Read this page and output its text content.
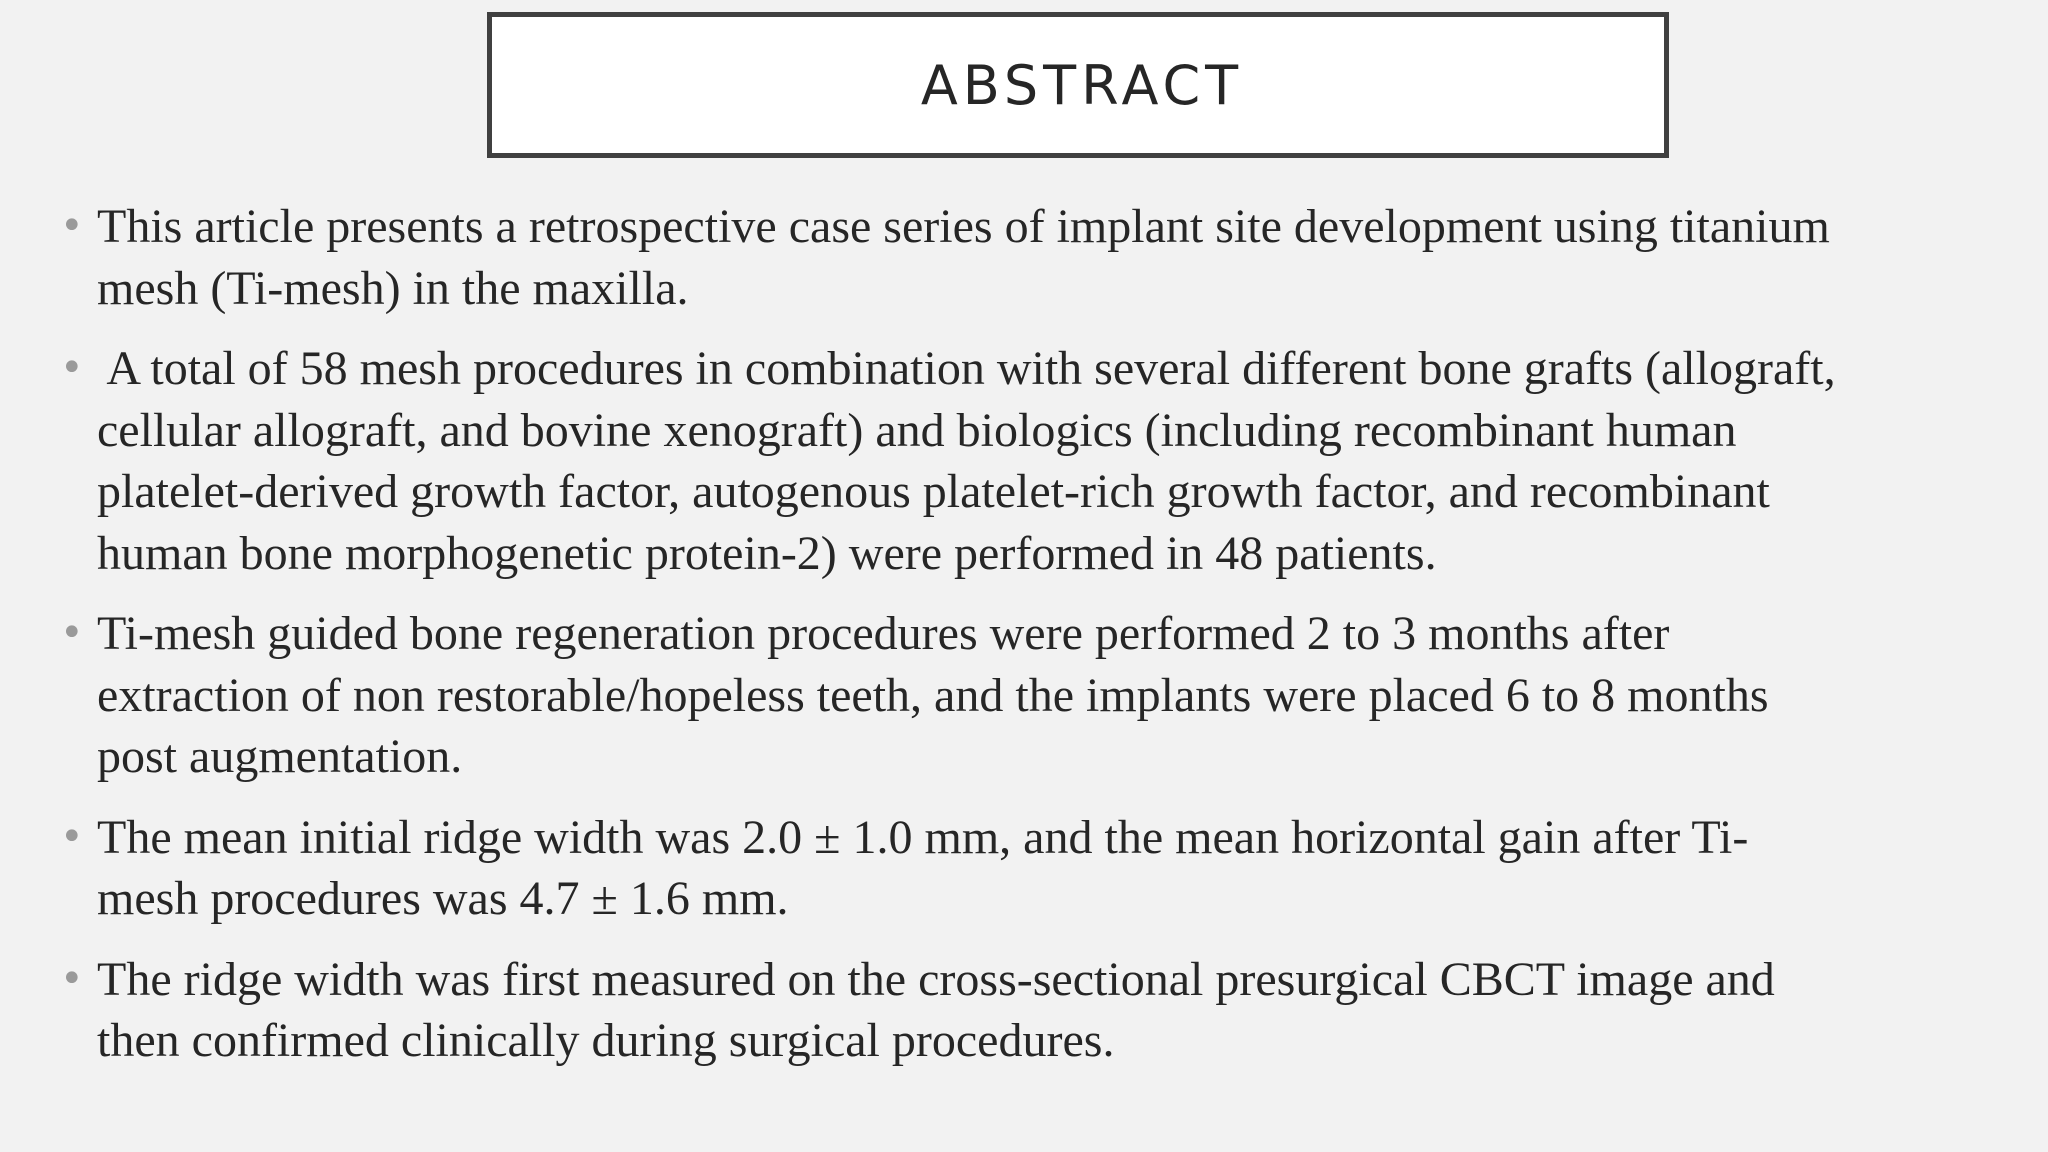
ABSTRACT
• This article presents a retrospective case series of implant site development using titanium
mesh (Ti-mesh) in the maxilla.
• A total of 58 mesh procedures in combination with several different bone grafts (allograft,
cellular allograft, and bovine xenograft) and biologics (including recombinant human
platelet-derived growth factor, autogenous platelet-rich growth factor, and recombinant
human bone morphogenetic protein-2) were performed in 48 patients.
• Ti-mesh guided bone regeneration procedures were performed 2 to 3 months after
extraction of non restorable/hopeless teeth, and the implants were placed 6 to 8 months
post augmentation.
• The mean initial ridge width was 2.0 ± 1.0 mm, and the mean horizontal gain after Ti-
mesh procedures was 4.7 ± 1.6 mm.
• The ridge width was first measured on the cross-sectional presurgical CBCT image and
then confirmed clinically during surgical procedures.
